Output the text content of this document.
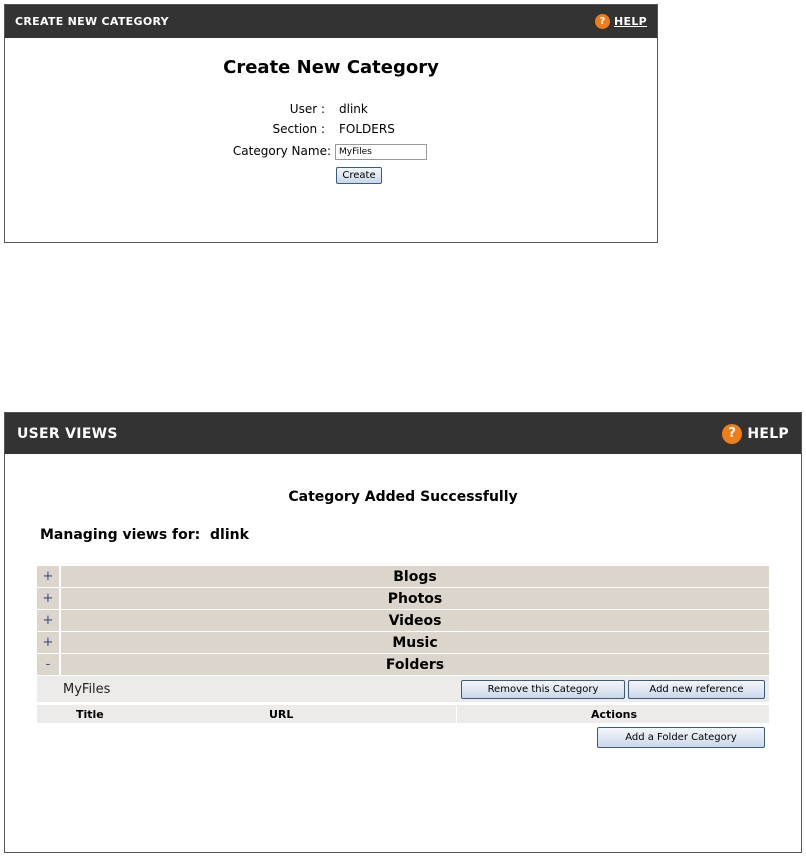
CREATE NEW CATEGORY	? HELP
Create New Category
User : dlink
Section : FOLDERS
Category Name:
MyFiles
Create
USER VIEWS	? HELP
Category Added Successfully
Managing views for: dlink
+	Blogs
+	Photos
+	Videos
+	Music
-	Folders
MyFiles	Remove this Category	Add new reference
Title	URL	Actions
Add a Folder Category
